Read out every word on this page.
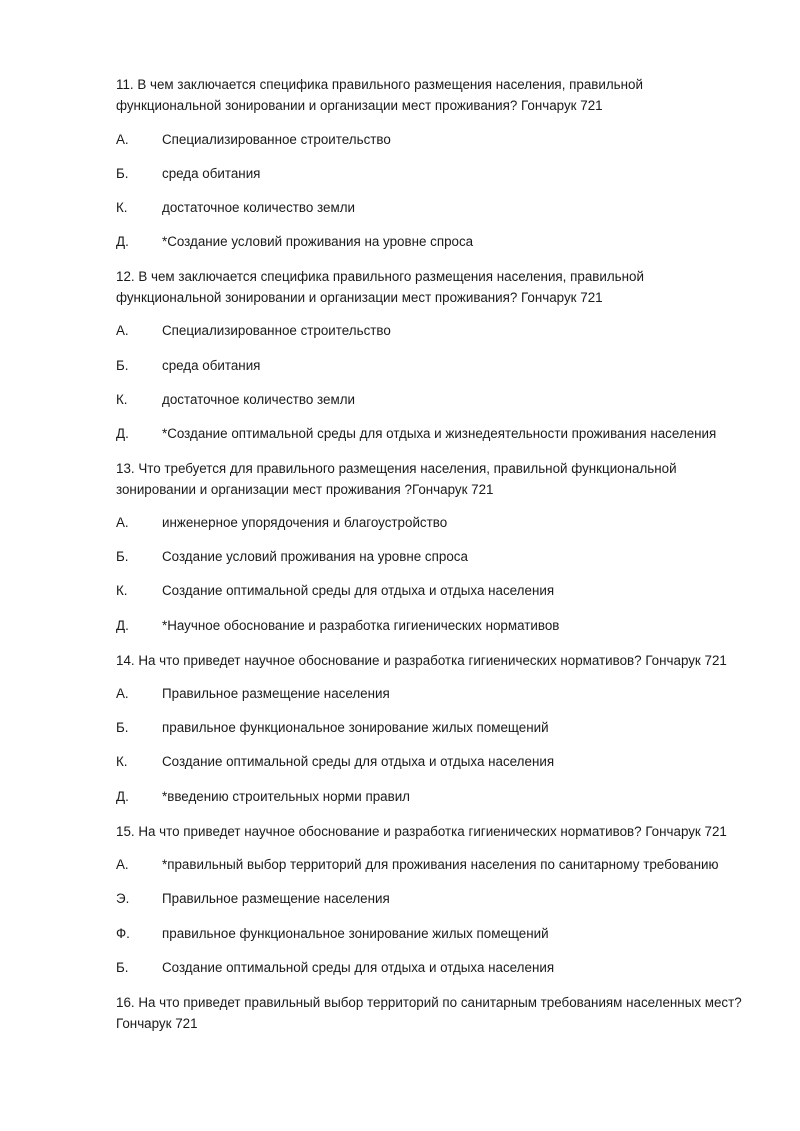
11. В чем заключается специфика правильного размещения населения, правильной функциональной зонировании и организации мест проживания? Гончарук 721

А. Специализированное строительство
Б. среда обитания
К.	достаточное количество земли
Д. *Создание условий проживания на уровне спроса

12. В чем заключается специфика правильного размещения населения, правильной функциональной зонировании и организации мест проживания? Гончарук 721

А. Специализированное строительство
Б. среда обитания
К.	достаточное количество земли
Д. *Создание оптимальной среды для отдыха и жизнедеятельности проживания населения

13. Что требуется для правильного размещения населения, правильной функциональной зонировании и организации мест проживания ?Гончарук 721

А. инженерное упорядочения и благоустройство
Б. Создание условий проживания на уровне спроса
К.	Создание оптимальной среды для отдыха и отдыха населения
Д. *Научное обоснование и разработка гигиенических нормативов

14. На что приведет научное обоснование и разработка гигиенических нормативов? Гончарук 721

А. Правильное размещение населения
Б. правильное функциональное зонирование жилых помещений
К.	Создание оптимальной среды для отдыха и отдыха населения
Д. *введению строительных норми правил

15. На что приведет научное обоснование и разработка гигиенических нормативов? Гончарук 721

А. *правильный выбор территорий для проживания населения по санитарному требованию
Э. Правильное размещение населения
Ф. правильное функциональное зонирование жилых помещений
Б. Создание оптимальной среды для отдыха и отдыха населения

16. На что приведет правильный выбор территорий по санитарным требованиям населенных мест? Гончарук 721
